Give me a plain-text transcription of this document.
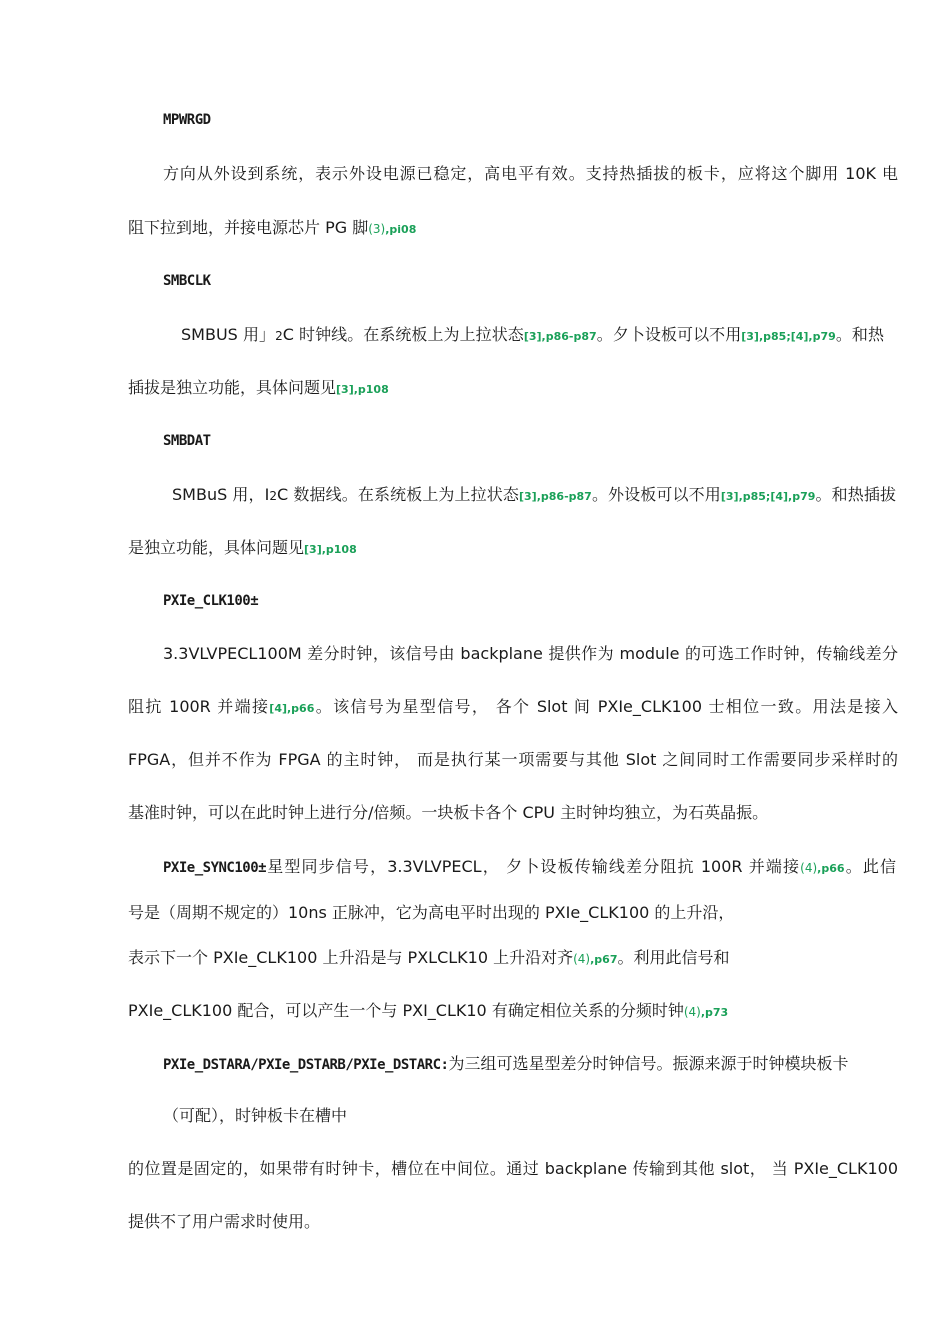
MPWRGD
方向从外设到系统，表示外设电源已稳定，高电平有效。支持热插拔的板卡，应将这个脚用 10K 电
阻下拉到地，并接电源芯片 PG 脚(3),pi08
SMBCLK
SMBUS 用」2C 时钟线。在系统板上为上拉状态[3],p86-p87。夕卜设板可以不用[3],p85;[4],p79。和热
插拔是独立功能，具体问题见[3],p108
SMBDAT
SMBuS 用，I2C 数据线。在系统板上为上拉状态[3],p86-p87。外设板可以不用[3],p85;[4],p79。和热插拔
是独立功能，具体问题见[3],p108
PXIe_CLK100±
3.3VLVPECL100M 差分时钟，该信号由 backplane 提供作为 module 的可选工作时钟，传输线差分
阻抗 100R 并端接[4],p66。该信号为星型信号， 各个 Slot 间 PXIe_CLK100 士相位一致。用法是接入
FPGA，但并不作为 FPGA 的主时钟， 而是执行某一项需要与其他 Slot 之间同时工作需要同步采样时的
基准时钟，可以在此时钟上进行分/倍频。一块板卡各个 CPU 主时钟均独立，为石英晶振。
PXIe_SYNC100±星型同步信号，3.3VLVPECL， 夕卜设板传输线差分阻抗 100R 并端接(4),p66。此信
号是（周期不规定的）10ns 正脉冲，它为高电平时出现的 PXIe_CLK100 的上升沿，
表示下一个 PXIe_CLK100 上升沿是与 PXLCLK10 上升沿对齐(4),p67。利用此信号和
PXIe_CLK100 配合，可以产生一个与 PXI_CLK10 有确定相位关系的分频时钟(4),p73
PXIe_DSTARA/PXIe_DSTARB/PXIe_DSTARC:为三组可选星型差分时钟信号。振源来源于时钟模块板卡
（可配），时钟板卡在槽中
的位置是固定的，如果带有时钟卡，槽位在中间位。通过 backplane 传输到其他 slot， 当 PXIe_CLK100
提供不了用户需求时使用。
